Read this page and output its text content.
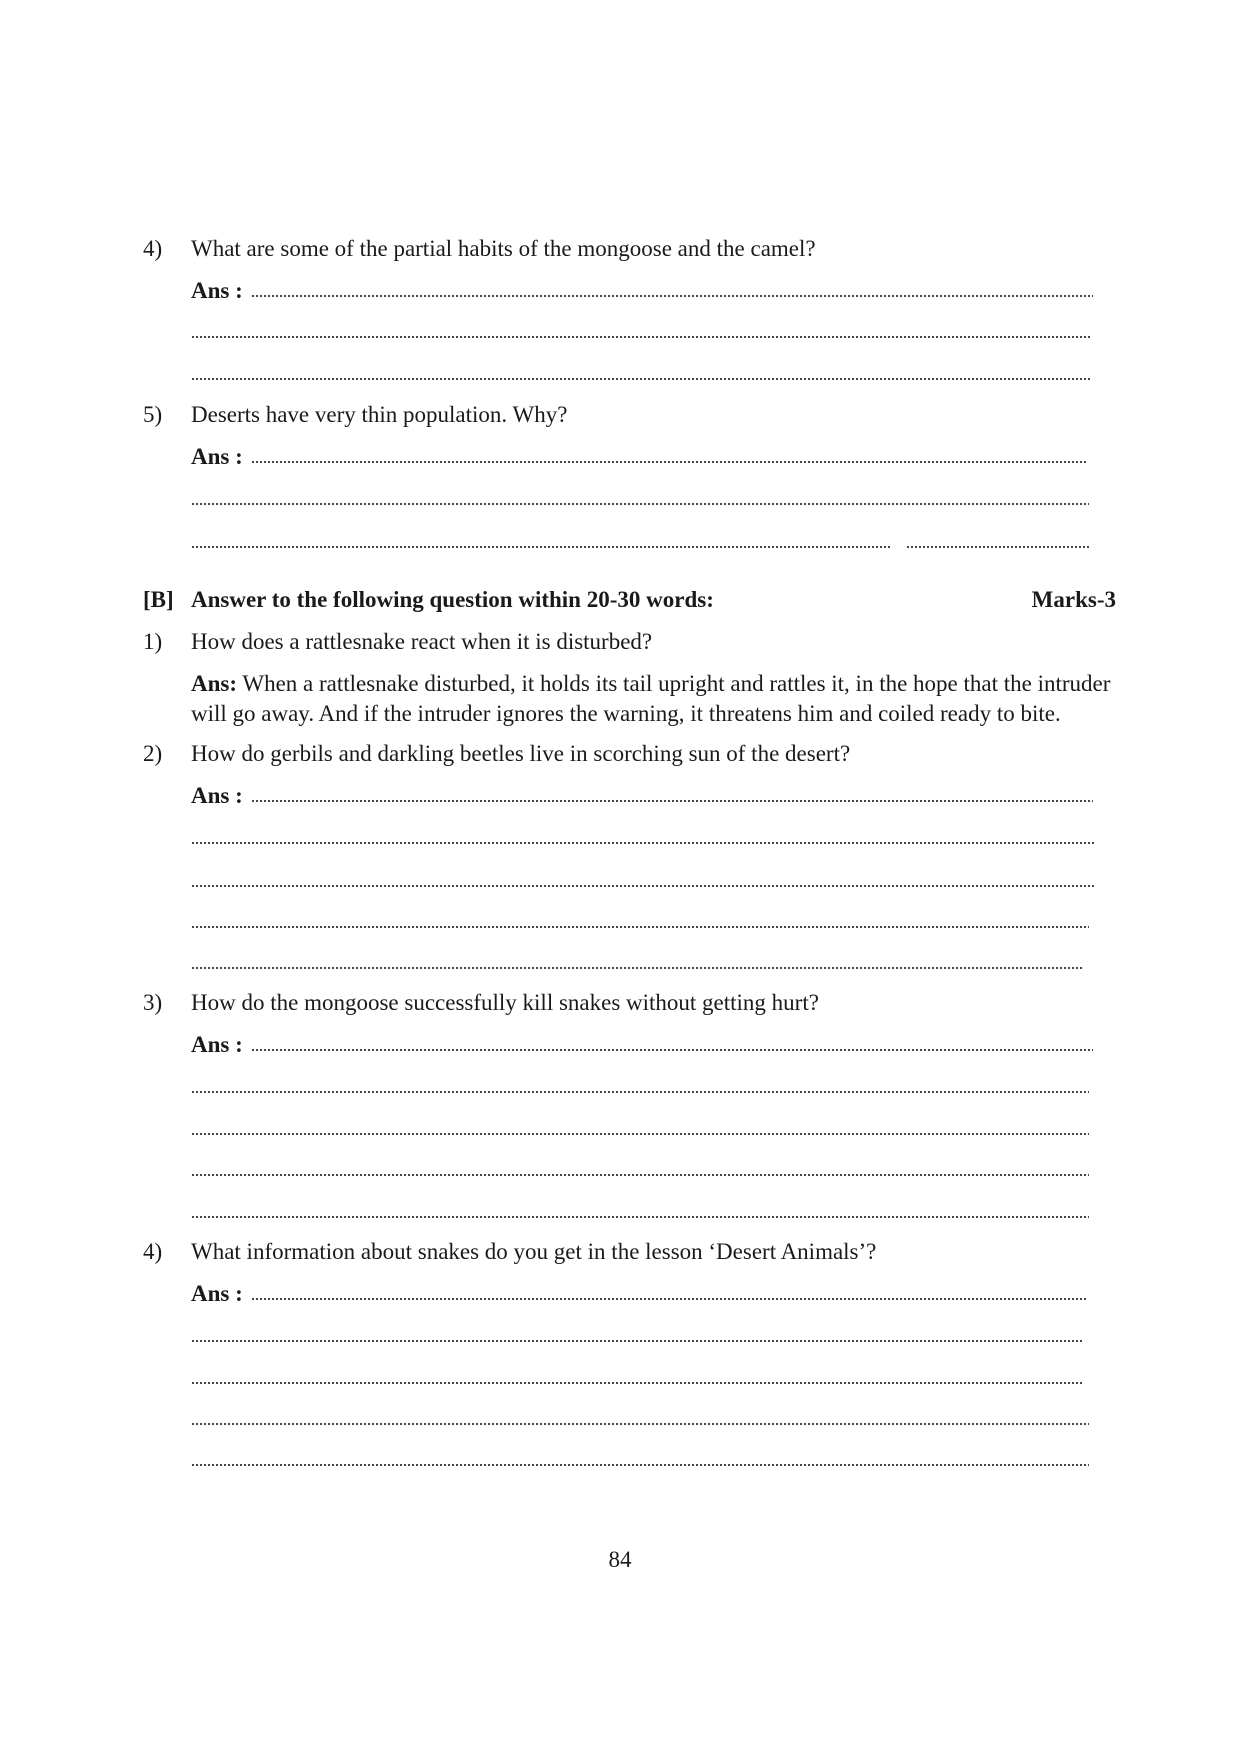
4) What are some of the partial habits of the mongoose and the camel?
Ans :
5) Deserts have very thin population. Why?
Ans :
[B] Answer to the following question within 20-30 words:	Marks-3
1) How does a rattlesnake react when it is disturbed?
Ans: When a rattlesnake disturbed, it holds its tail upright and rattles it, in the hope that the intruder will go away. And if the intruder ignores the warning, it threatens him and coiled ready to bite.
2) How do gerbils and darkling beetles live in scorching sun of the desert?
Ans :
3) How do the mongoose successfully kill snakes without getting hurt?
Ans :
4) What information about snakes do you get in the lesson ‘Desert Animals’?
Ans :
84
